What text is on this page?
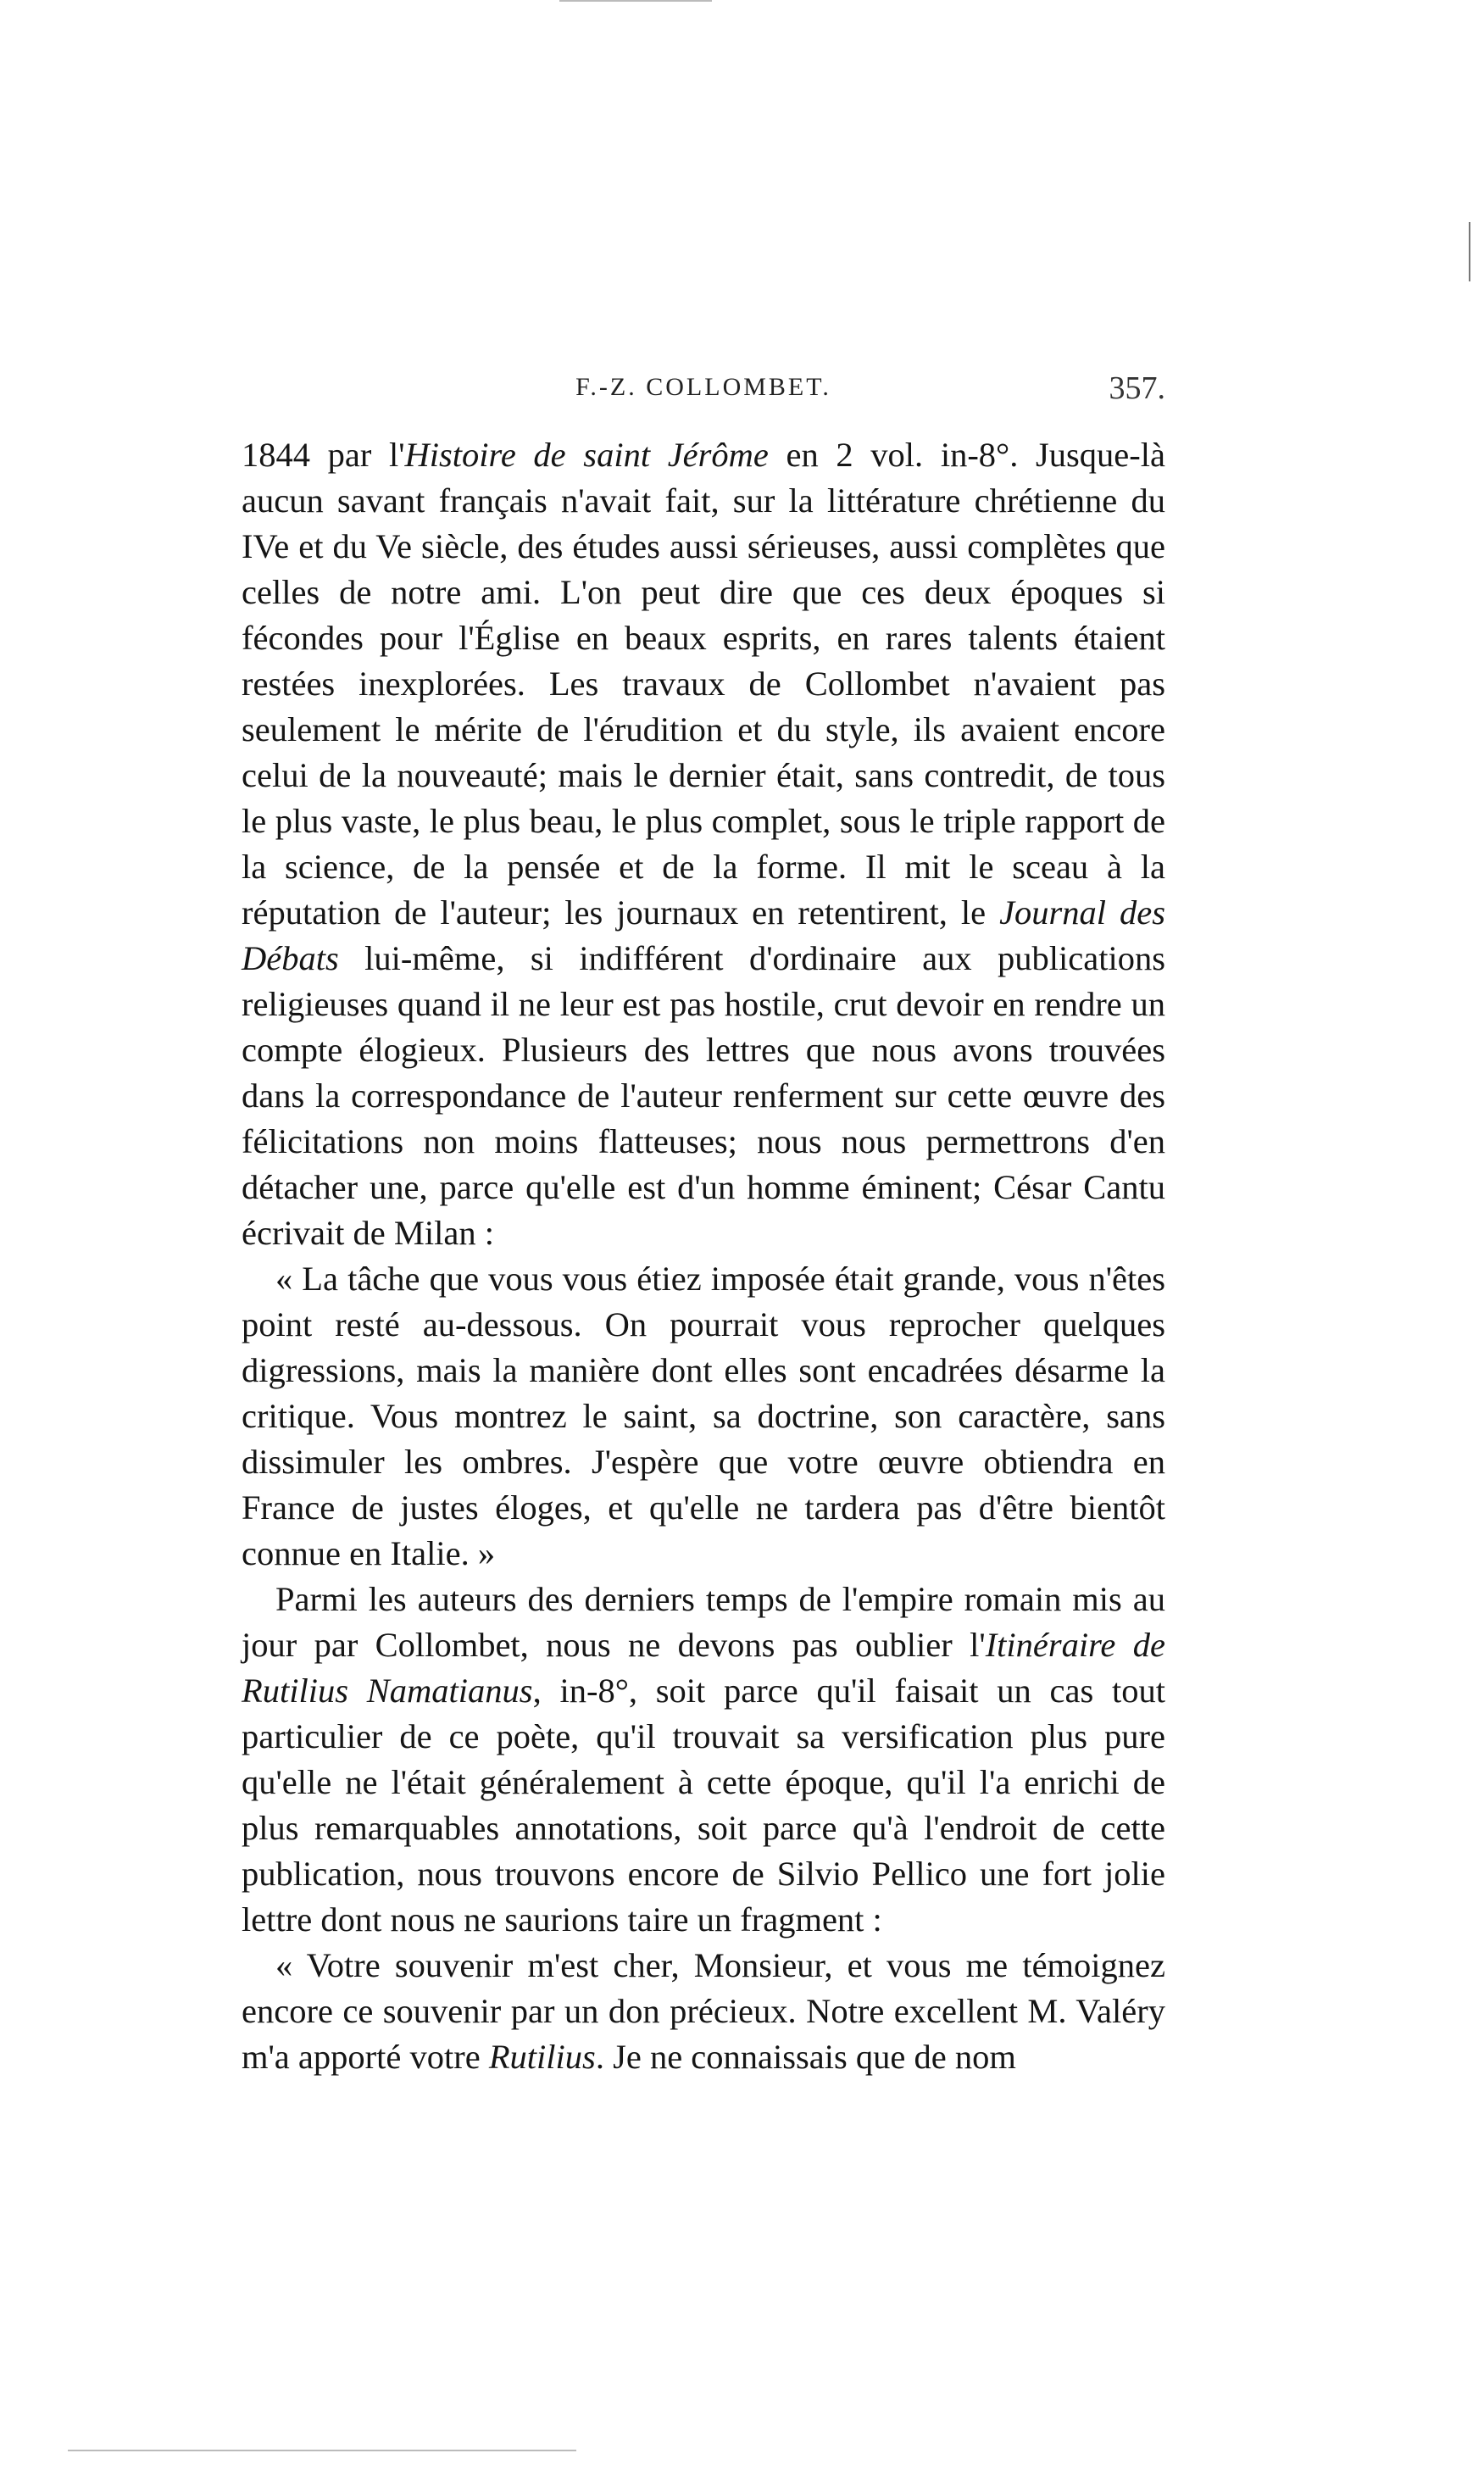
F.-Z. COLLOMBET.	357.

1844 par l'Histoire de saint Jérôme en 2 vol. in-8°. Jusque-là aucun savant français n'avait fait, sur la littérature chrétienne du IVe et du Ve siècle, des études aussi sérieuses, aussi complètes que celles de notre ami. L'on peut dire que ces deux époques si fécondes pour l'Église en beaux esprits, en rares talents étaient restées inexplorées. Les travaux de Collombet n'avaient pas seulement le mérite de l'érudition et du style, ils avaient encore celui de la nouveauté; mais le dernier était, sans contredit, de tous le plus vaste, le plus beau, le plus complet, sous le triple rapport de la science, de la pensée et de la forme. Il mit le sceau à la réputation de l'auteur; les journaux en retentirent, le Journal des Débats lui-même, si indifférent d'ordinaire aux publications religieuses quand il ne leur est pas hostile, crut devoir en rendre un compte élogieux. Plusieurs des lettres que nous avons trouvées dans la correspondance de l'auteur renferment sur cette œuvre des félicitations non moins flatteuses; nous nous permettrons d'en détacher une, parce qu'elle est d'un homme éminent; César Cantu écrivait de Milan :

« La tâche que vous vous étiez imposée était grande, vous n'êtes point resté au-dessous. On pourrait vous reprocher quelques digressions, mais la manière dont elles sont encadrées désarme la critique. Vous montrez le saint, sa doctrine, son caractère, sans dissimuler les ombres. J'espère que votre œuvre obtiendra en France de justes éloges, et qu'elle ne tardera pas d'être bientôt connue en Italie. »

Parmi les auteurs des derniers temps de l'empire romain mis au jour par Collombet, nous ne devons pas oublier l'Itinéraire de Rutilius Namatianus, in-8°, soit parce qu'il faisait un cas tout particulier de ce poète, qu'il trouvait sa versification plus pure qu'elle ne l'était généralement à cette époque, qu'il l'a enrichi de plus remarquables annotations, soit parce qu'à l'endroit de cette publication, nous trouvons encore de Silvio Pellico une fort jolie lettre dont nous ne saurions taire un fragment :

« Votre souvenir m'est cher, Monsieur, et vous me témoignez encore ce souvenir par un don précieux. Notre excellent M. Valéry m'a apporté votre Rutilius. Je ne connaissais que de nom
